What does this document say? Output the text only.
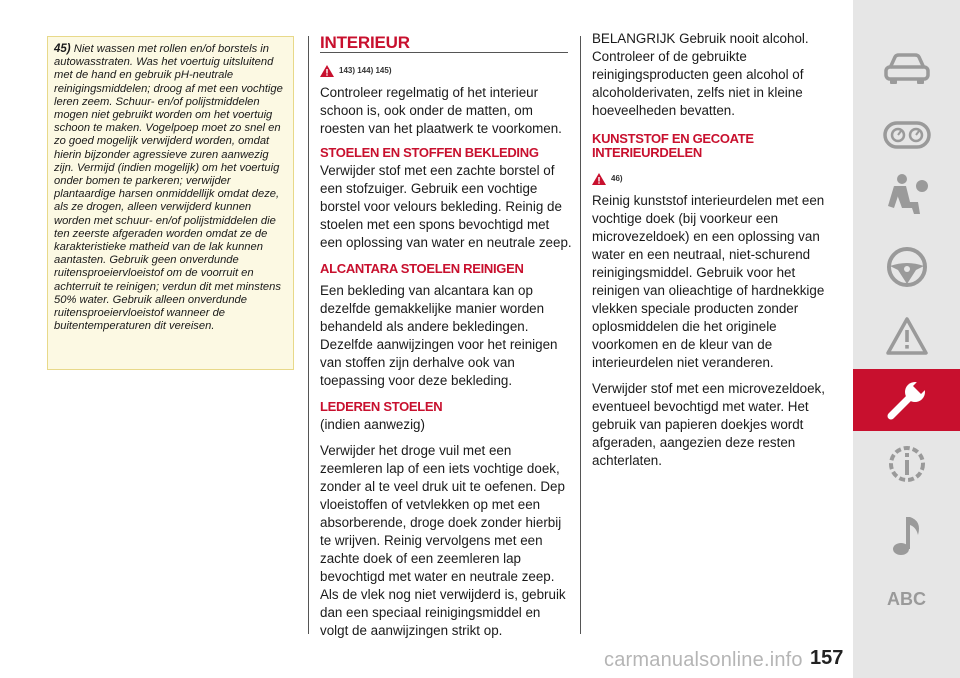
45) Niet wassen met rollen en/of borstels in autowasstraten. Was het voertuig uitsluitend met de hand en gebruik pH-neutrale reinigingsmiddelen; droog af met een vochtige leren zeem. Schuur- en/of polijstmiddelen mogen niet gebruikt worden om het voertuig schoon te maken. Vogelpoep moet zo snel en zo goed mogelijk verwijderd worden, omdat hierin bijzonder agressieve zuren aanwezig zijn. Vermijd (indien mogelijk) om het voertuig onder bomen te parkeren; verwijder plantaardige harsen onmiddellijk omdat deze, als ze drogen, alleen verwijderd kunnen worden met schuur- en/of polijstmiddelen die ten zeerste afgeraden worden omdat ze de karakteristieke matheid van de lak kunnen aantasten. Gebruik geen onverdunde ruitensproeiervloeistof om de voorruit en achterruit te reinigen; verdun dit met minstens 50% water. Gebruik alleen onverdunde ruitensproeiervloeistof wanneer de buitentemperaturen dit vereisen.

INTERIEUR
143) 144) 145)

Controleer regelmatig of het interieur schoon is, ook onder de matten, om roesten van het plaatwerk te voorkomen.

STOELEN EN STOFFEN BEKLEDING

Verwijder stof met een zachte borstel of een stofzuiger. Gebruik een vochtige borstel voor velours bekleding. Reinig de stoelen met een spons bevochtigd met een oplossing van water en neutrale zeep.

ALCANTARA STOELEN REINIGEN

Een bekleding van alcantara kan op dezelfde gemakkelijke manier worden behandeld als andere bekledingen. Dezelfde aanwijzingen voor het reinigen van stoffen zijn derhalve ook van toepassing voor deze bekleding.

LEDEREN STOELEN

(indien aanwezig)

Verwijder het droge vuil met een zeemleren lap of een iets vochtige doek, zonder al te veel druk uit te oefenen. Dep vloeistoffen of vetvlekken op met een absorberende, droge doek zonder hierbij te wrijven. Reinig vervolgens met een zachte doek of een zeemleren lap bevochtigd met water en neutrale zeep. Als de vlek nog niet verwijderd is, gebruik dan een speciaal reinigingsmiddel en volgt de aanwijzingen strikt op.

BELANGRIJK Gebruik nooit alcohol. Controleer of de gebruikte reinigingsproducten geen alcohol of alcoholderivaten, zelfs niet in kleine hoeveelheden bevatten.

KUNSTSTOF EN GECOATE INTERIEURDELEN

46)

Reinig kunststof interieurdelen met een vochtige doek (bij voorkeur een microvezeldoek) en een oplossing van water en een neutraal, niet-schurend reinigingsmiddel. Gebruik voor het reinigen van olieachtige of hardnekkige vlekken speciale producten zonder oplosmiddelen die het originele voorkomen en de kleur van de interieurdelen niet veranderen.

Verwijder stof met een microvezeldoek, eventueel bevochtigd met water. Het gebruik van papieren doekjes wordt afgeraden, aangezien deze resten achterlaten.

ABC
carmanualsonline.info 157
